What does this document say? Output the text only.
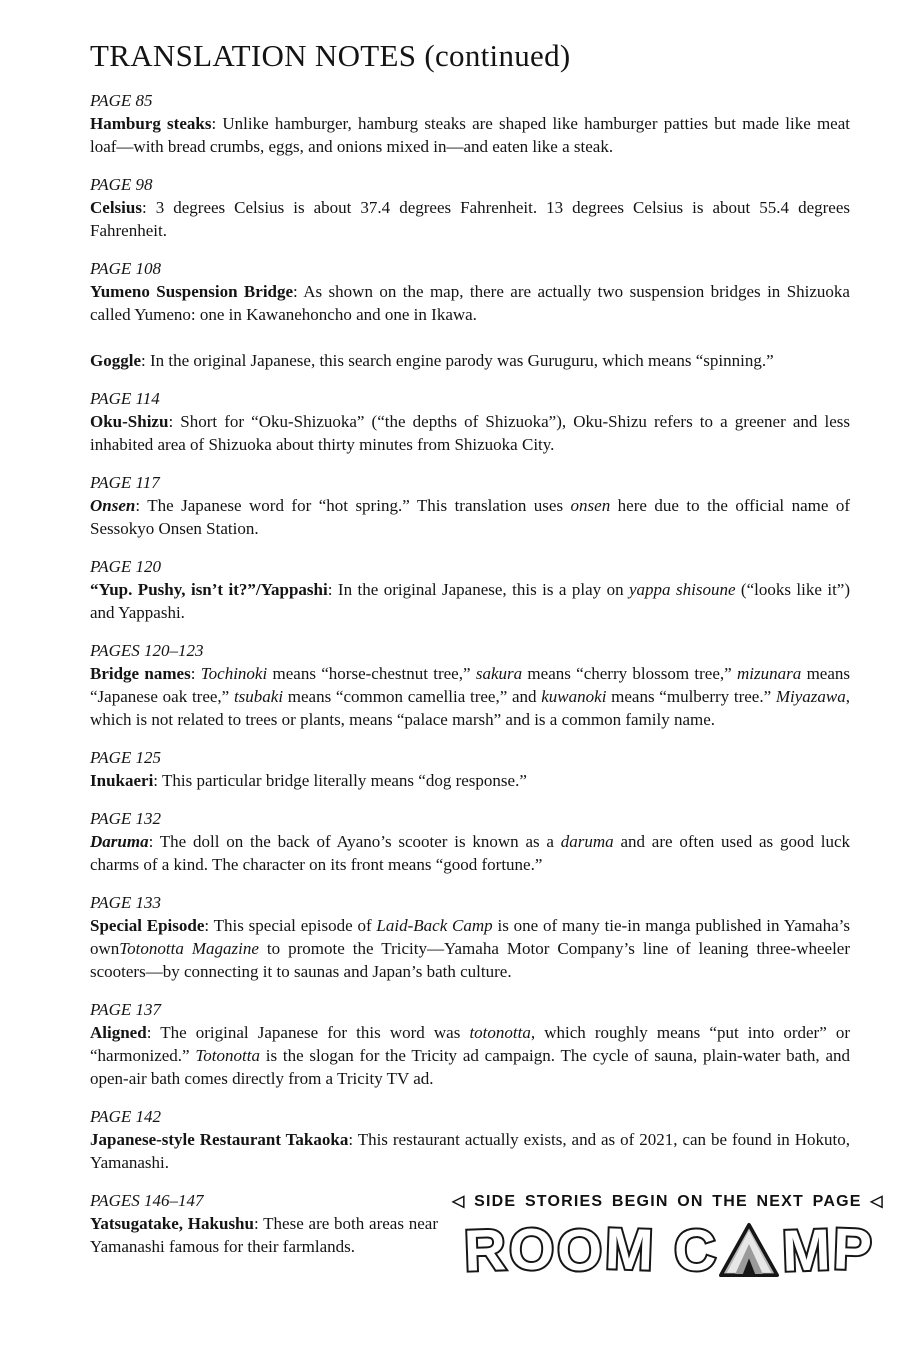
TRANSLATION NOTES (continued)
PAGE 85

Hamburg steaks: Unlike hamburger, hamburg steaks are shaped like hamburger patties but made like meat loaf—with bread crumbs, eggs, and onions mixed in—and eaten like a steak.

PAGE 98

Celsius: 3 degrees Celsius is about 37.4 degrees Fahrenheit. 13 degrees Celsius is about 55.4 degrees Fahrenheit.

PAGE 108

Yumeno Suspension Bridge: As shown on the map, there are actually two suspension bridges in Shizuoka called Yumeno: one in Kawanehoncho and one in Ikawa.

Goggle: In the original Japanese, this search engine parody was Guruguru, which means “spinning.”

PAGE 114

Oku-Shizu: Short for “Oku-Shizuoka” (“the depths of Shizuoka”), Oku-Shizu refers to a greener and less inhabited area of Shizuoka about thirty minutes from Shizuoka City.

PAGE 117

Onsen: The Japanese word for “hot spring.” This translation uses onsen here due to the official name of Sessokyo Onsen Station.

PAGE 120

“Yup. Pushy, isn’t it?”/Yappashi: In the original Japanese, this is a play on yappa shisoune (“looks like it”) and Yappashi.

PAGES 120–123

Bridge names: Tochinoki means “horse-chestnut tree,” sakura means “cherry blossom tree,” mizunara means “Japanese oak tree,” tsubaki means “common camellia tree,” and kuwanoki means “mulberry tree.” Miyazawa, which is not related to trees or plants, means “palace marsh” and is a common family name.

PAGE 125

Inukaeri: This particular bridge literally means “dog response.”

PAGE 132

Daruma: The doll on the back of Ayano’s scooter is known as a daruma and are often used as good luck charms of a kind. The character on its front means “good fortune.”

PAGE 133

Special Episode: This special episode of Laid-Back Camp is one of many tie-in manga published in Yamaha’s ownTotonotta Magazine to promote the Tricity—Yamaha Motor Company’s line of leaning three-wheeler scooters—by connecting it to saunas and Japan’s bath culture.

PAGE 137

Aligned: The original Japanese for this word was totonotta, which roughly means “put into order” or “harmonized.” Totonotta is the slogan for the Tricity ad campaign. The cycle of sauna, plain-water bath, and open-air bath comes directly from a Tricity TV ad.

PAGE 142

Japanese-style Restaurant Takaoka: This restaurant actually exists, and as of 2021, can be found in Hokuto, Yamanashi.

PAGES 146–147

Yatsugatake, Hakushu: These are both areas near Yamanashi famous for their farmlands.

◁ SIDE STORIES BEGIN ON THE NEXT PAGE ◁
R O O M C M P
